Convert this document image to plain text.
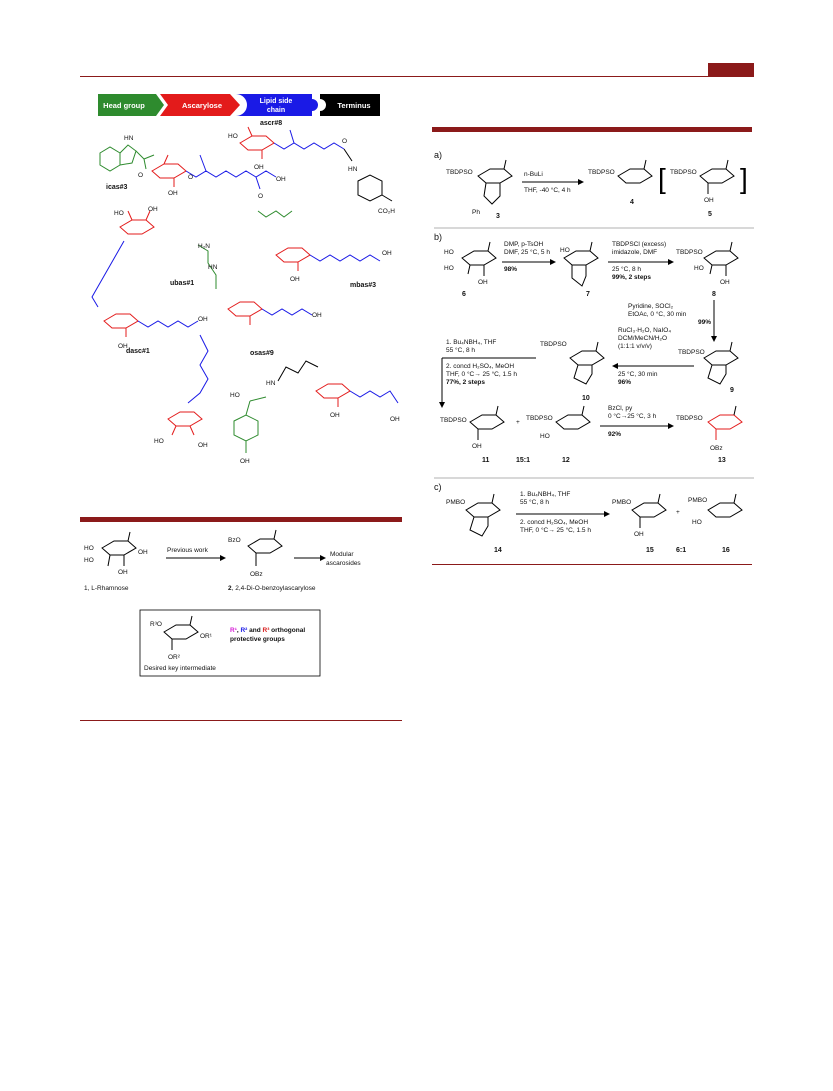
Head group	Ascarylose	Lipid side
chain
Terminus
HN
O
OH
O	OH
O
icas#3
HO
OH	HN
O
CO₂H
ascr#8
HO
OH
OH
OH
dasc#1
H₂N
HN
ubas#1
OH
OH
OH
mbas#3
HO
OH
OH
HO
HN
osas#9
OH
OH
HO
HO
OH
OH
1, L-Rhamnose
Previous work
BzO
OBz
2, 2,4-Di-O-benzoylascarylose
Modular
ascarosides
R³O
OR¹
OR²
R¹, R² and R³ orthogonal
protective groups
Desired key intermediate
a)
TBDPSO
Ph
3
n-BuLi
THF, -40 °C, 4 h
TBDPSO
4
[ TBDPSO
OH
5
]
b)
HO
HO
OH
6
DMP, p-TsOH
DMF, 25 °C, 5 h
98%
HO
7
TBDPSCl (excess)
imidazole, DMF
25 °C, 8 h
99%, 2 steps
TBDPSO
HO
OH
8
Pyridine, SOCl₂
EtOAc, 0 °C, 30 min
99%
TBDPSO
9
RuCl₃·H₂O, NaIO₄
DCM/MeCN/H₂O
(1:1:1 v/v/v)
25 °C, 30 min
96%
TBDPSO
10
1. Bu₄NBH₄, THF
55 °C, 8 h
2. concd H₂SO₄, MeOH
THF, 0 °C→ 25 °C, 1.5 h
77%, 2 steps
TBDPSO
OH
11
+
15:1
TBDPSO
HO
12
BzCl, py
0 °C→25 °C, 3 h
92%
TBDPSO
OBz
13
c)
PMBO
14
1. Bu₄NBH₄, THF
55 °C, 8 h
2. concd H₂SO₄, MeOH
THF, 0 °C→ 25 °C, 1.5 h
PMBO
OH
15
+
6:1
PMBO
HO
16
